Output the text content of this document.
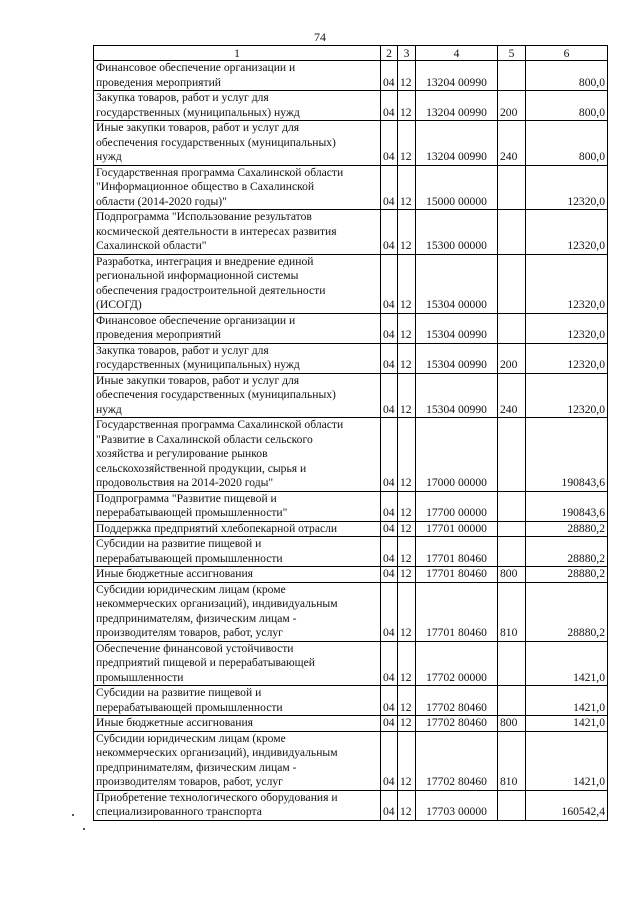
74
1	2	3	4	5	6
Финансовое обеспечение организации и
проведения мероприятий	04	12	13204 00990		800,0
Закупка товаров, работ и услуг для
государственных (муниципальных) нужд	04	12	13204 00990	200	800,0
Иные закупки товаров, работ и услуг для
обеспечения государственных (муниципальных)
нужд	04	12	13204 00990	240	800,0
Государственная программа Сахалинской области
"Информационное общество в Сахалинской
области (2014-2020 годы)"	04	12	15000 00000		12320,0
Подпрограмма "Использование результатов
космической деятельности в интересах развития
Сахалинской области"	04	12	15300 00000		12320,0
Разработка, интеграция и внедрение единой
региональной информационной системы
обеспечения градостроительной деятельности
(ИСОГД)	04	12	15304 00000		12320,0
Финансовое обеспечение организации и
проведения мероприятий	04	12	15304 00990		12320,0
Закупка товаров, работ и услуг для
государственных (муниципальных) нужд	04	12	15304 00990	200	12320,0
Иные закупки товаров, работ и услуг для
обеспечения государственных (муниципальных)
нужд	04	12	15304 00990	240	12320,0
Государственная программа Сахалинской области
"Развитие в Сахалинской области сельского
хозяйства и регулирование рынков
сельскохозяйственной продукции, сырья и
продовольствия на 2014-2020 годы"	04	12	17000 00000		190843,6
Подпрограмма "Развитие пищевой и
перерабатывающей промышленности"	04	12	17700 00000		190843,6
Поддержка предприятий хлебопекарной отрасли	04	12	17701 00000		28880,2
Субсидии на развитие пищевой и
перерабатывающей промышленности	04	12	17701 80460		28880,2
Иные бюджетные ассигнования	04	12	17701 80460	800	28880,2
Субсидии юридическим лицам (кроме
некоммерческих организаций), индивидуальным
предпринимателям, физическим лицам -
производителям товаров, работ, услуг	04	12	17701 80460	810	28880,2
Обеспечение финансовой устойчивости
предприятий пищевой и перерабатывающей
промышленности	04	12	17702 00000		1421,0
Субсидии на развитие пищевой и
перерабатывающей промышленности	04	12	17702 80460		1421,0
Иные бюджетные ассигнования	04	12	17702 80460	800	1421,0
Субсидии юридическим лицам (кроме
некоммерческих организаций), индивидуальным
предпринимателям, физическим лицам -
производителям товаров, работ, услуг	04	12	17702 80460	810	1421,0
Приобретение технологического оборудования и
специализированного транспорта	04	12	17703 00000		160542,4
